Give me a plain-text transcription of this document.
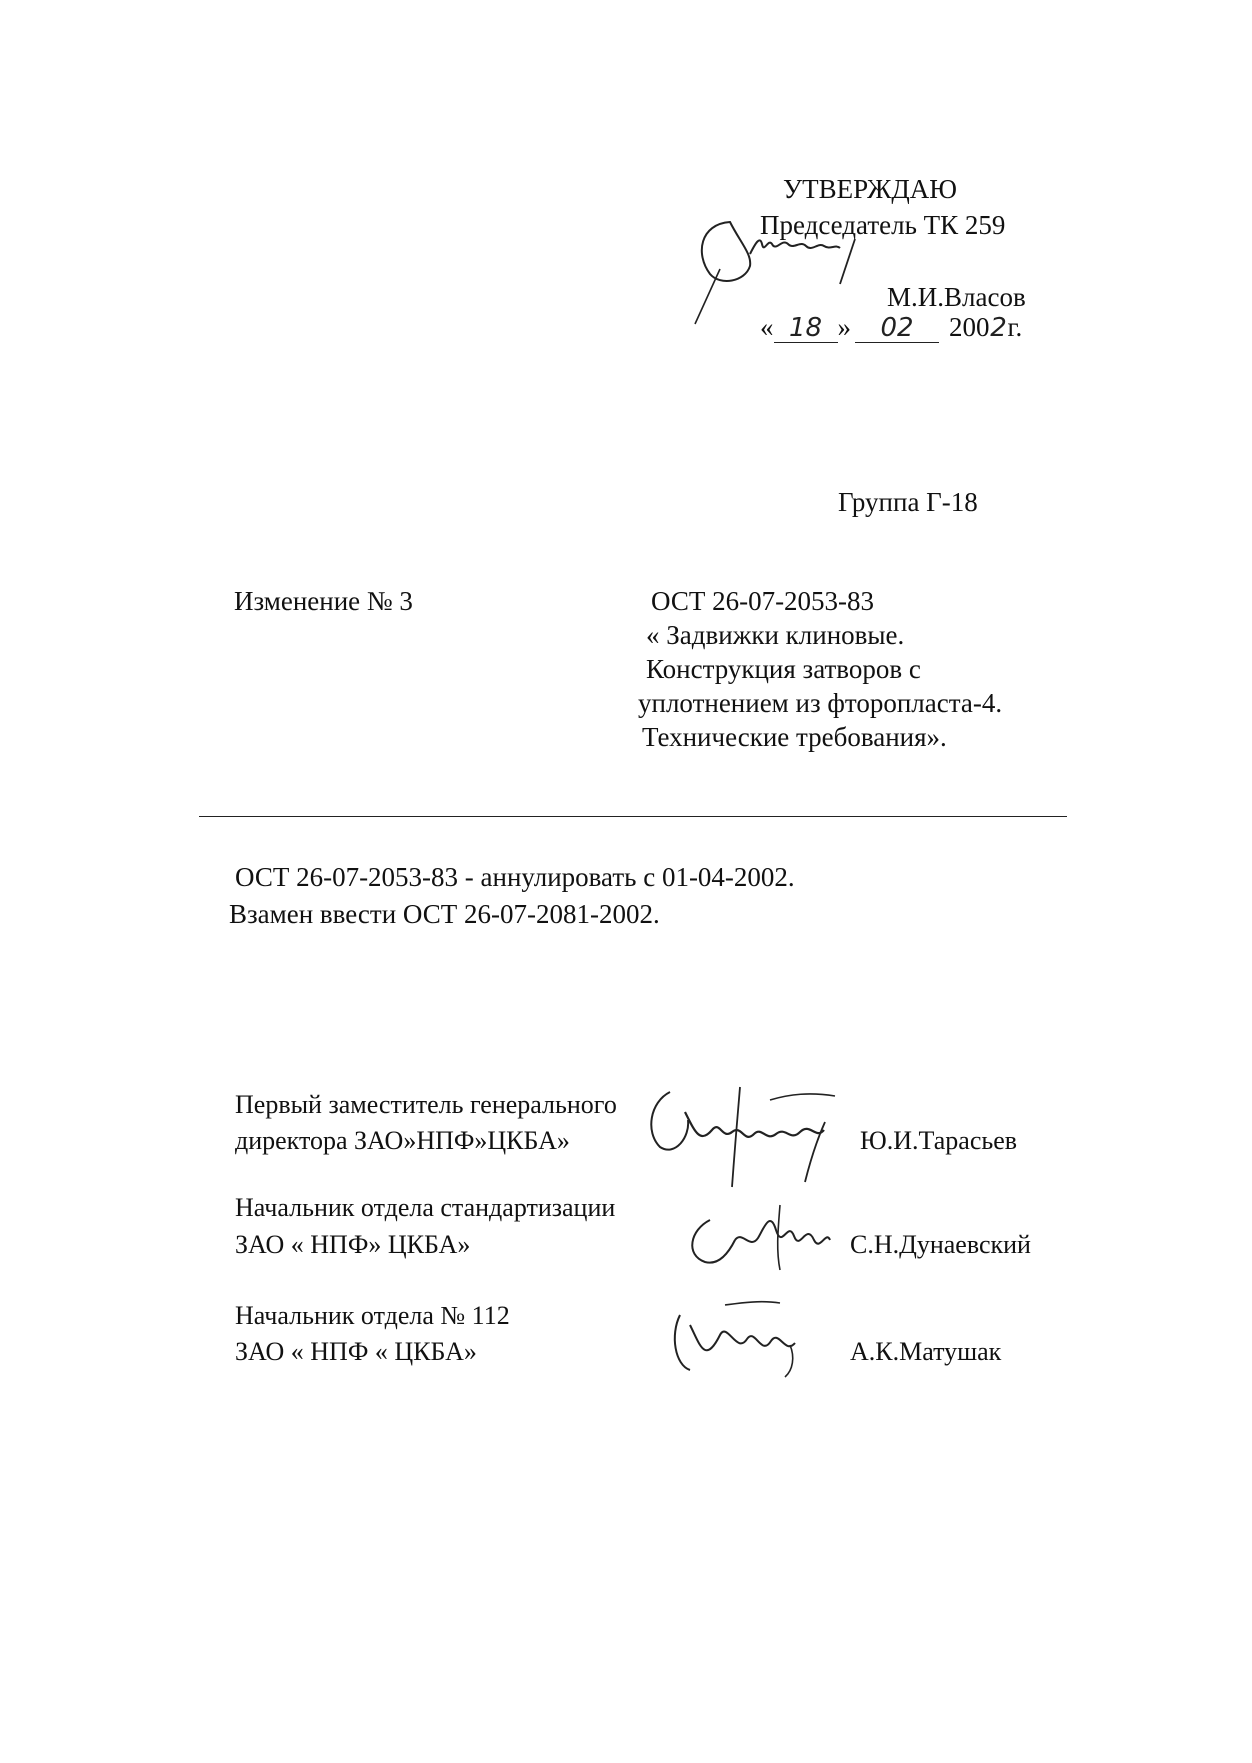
УТВЕРЖДАЮ
Председатель ТК 259
М.И.Власов
« 18 » 02 2002г.
Группа Г-18
Изменение № 3	ОСТ 26-07-2053-83
« Задвижки клиновые.
Конструкция затворов с
уплотнением из фторопласта-4.
Технические требования».
ОСТ 26-07-2053-83 - аннулировать с 01-04-2002.
Взамен ввести ОСТ 26-07-2081-2002.
Первый заместитель генерального
директора ЗАО»НПФ»ЦКБА»	Ю.И.Тарасьев
Начальник отдела стандартизации
ЗАО « НПФ» ЦКБА»	С.Н.Дунаевский
Начальник отдела № 112
ЗАО « НПФ « ЦКБА»	А.К.Матушак
